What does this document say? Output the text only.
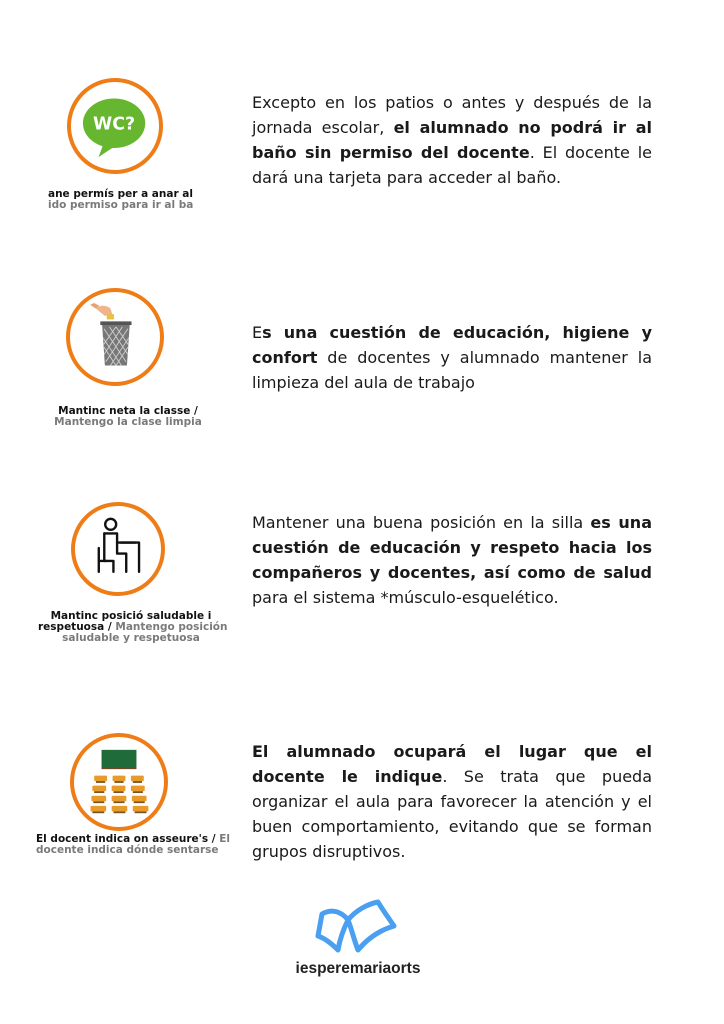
WC?
ane permís per a anar al
ido permiso para ir al ba
Excepto en los patios o antes y después de la jornada escolar, el alumnado no podrá ir al baño sin permiso del docente. El docente le dará una tarjeta para acceder al baño.
Mantinc neta la classe /
Mantengo la clase limpia
Es una cuestión de educación, higiene y confort de docentes y alumnado mantener la limpieza del aula de trabajo
Mantinc posició saludable i
respetuosa / Mantengo posición
saludable y respetuosa
Mantener una buena posición en la silla es una cuestión de educación y respeto hacia los compañeros y docentes, así como de salud para el sistema *músculo-esquelético.
El docent indica on asseure's / El
docente indica dónde sentarse
El alumnado ocupará el lugar que el docente le indique. Se trata que pueda organizar el aula para favorecer la atención y el buen comportamiento, evitando que se forman grupos disruptivos.
iesperemariaorts
